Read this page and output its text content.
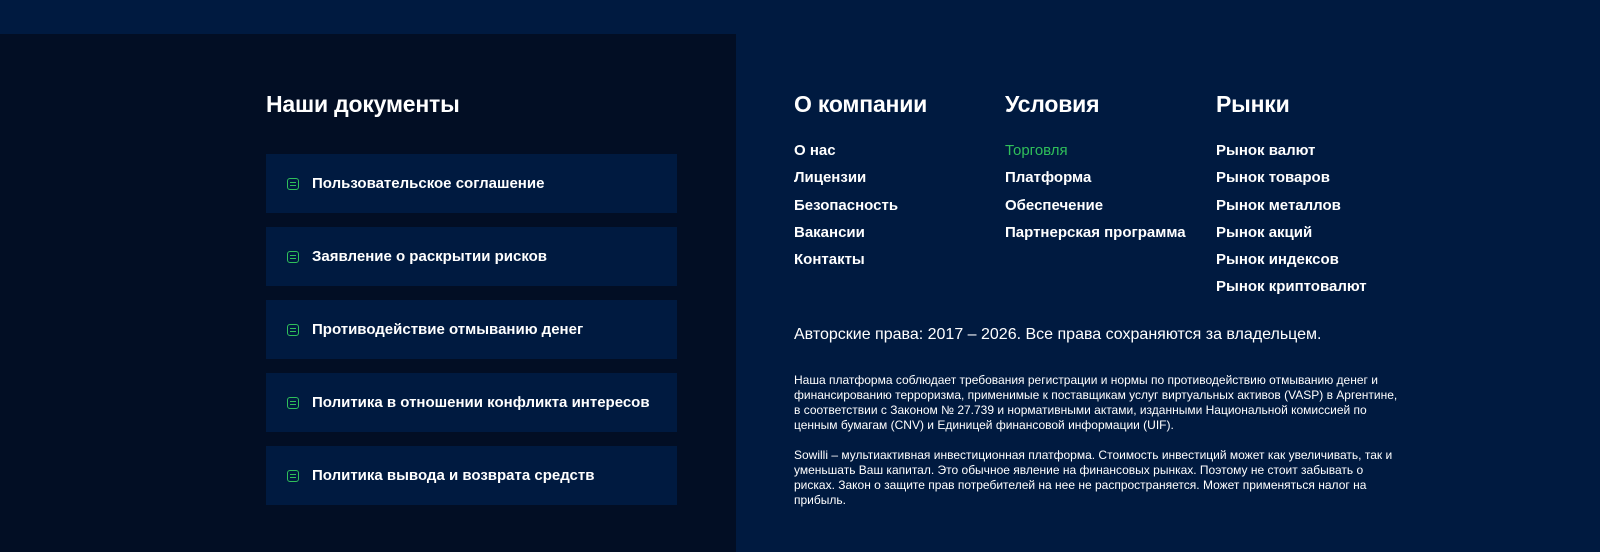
Наши документы
Пользовательское соглашение
Заявление о раскрытии рисков
Противодействие отмыванию денег
Политика в отношении конфликта интересов
Политика вывода и возврата средств
О компании
О нас
Лицензии
Безопасность
Вакансии
Контакты
Условия
Торговля
Платформа
Обеспечение
Партнерская программа
Рынки
Рынок валют
Рынок товаров
Рынок металлов
Рынок акций
Рынок индексов
Рынок криптовалют
Авторские права: 2017 – 2026. Все права сохраняются за владельцем.

Наша платформа соблюдает требования регистрации и нормы по противодействию отмыванию денег и финансированию терроризма, применимые к поставщикам услуг виртуальных активов (VASP) в Аргентине, в соответствии с Законом № 27.739 и нормативными актами, изданными Национальной комиссией по ценным бумагам (CNV) и Единицей финансовой информации (UIF).

Sowilli – мультиактивная инвестиционная платформа. Стоимость инвестиций может как увеличивать, так и уменьшать Ваш капитал. Это обычное явление на финансовых рынках. Поэтому не стоит забывать о рисках. Закон о защите прав потребителей на нее не распространяется. Может применяться налог на прибыль.
